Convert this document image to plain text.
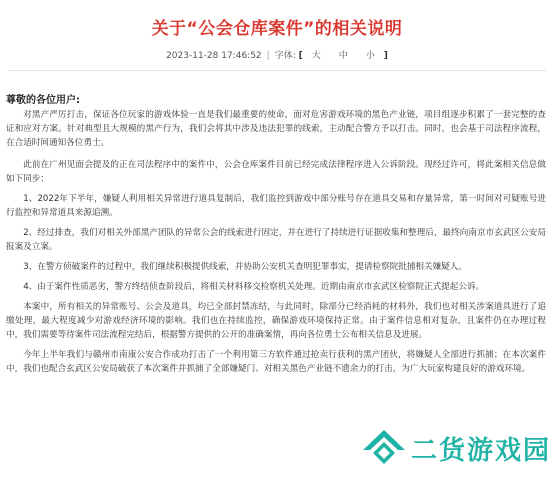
关于“公会仓库案件”的相关说明
2023-11-28 17:46:52 | 字体: [ 大 中 小 ]
尊敬的各位用户:

对黑产严厉打击，保证各位玩家的游戏体验一直是我们最重要的使命，面对危害游戏环境的黑色产业链，项目组逐步积累了一套完整的查证和应对方案。针对典型且大规模的黑产行为，我们会将其中涉及违法犯罪的线索，主动配合警方予以打击。同时，也会基于司法程序流程，在合适时间通知各位勇士。

此前在广州见面会提及的正在司法程序中的案件中，公会仓库案件目前已经完成法律程序进入公诉阶段。现经过许可，将此案相关信息做如下同步：

1、2022年下半年，嫌疑人利用相关异常进行道具复制后，我们监控到游戏中部分账号存在道具交易和存量异常，第一时间对可疑账号进行监控和异常道具来源追溯。

2、经过排查，我们对相关外部黑产团队的异常公会的线索进行固定，并在进行了持续进行证据收集和整理后，最终向南京市玄武区公安局报案及立案。

3、在警方侦破案件的过程中，我们继续积极提供线索，并协助公安机关查明犯罪事实，提请检察院批捕相关嫌疑人。

4、由于案件性质恶劣，警方终结侦查阶段后，将相关材料移交检察机关处理。近期由南京市玄武区检察院正式提起公诉。

本案中，所有相关的异常账号、公会及道具，均已全部封禁冻结，与此同时，除部分已经消耗的材料外，我们也对相关涉案道具进行了追缴处理，最大程度减少对游戏经济环境的影响。我们也在持续监控，确保游戏环境保持正常。由于案件信息相对复杂，且案件仍在办理过程中，我们需要等待案件司法流程完结后，根据警方提供的公开的准确案情，再向各位勇士公布相关信息及进展。

今年上半年我们与赣州市南康公安合作成功打击了一个利用第三方软件通过抢卖行获利的黑产团伙，将嫌疑人全部进行抓捕；在本次案件中，我们也配合玄武区公安局破获了本次案件并抓捕了全部嫌疑门、对相关黑色产业链不遗余力的打击，为广大玩家构建良好的游戏环境。

二货游戏园
